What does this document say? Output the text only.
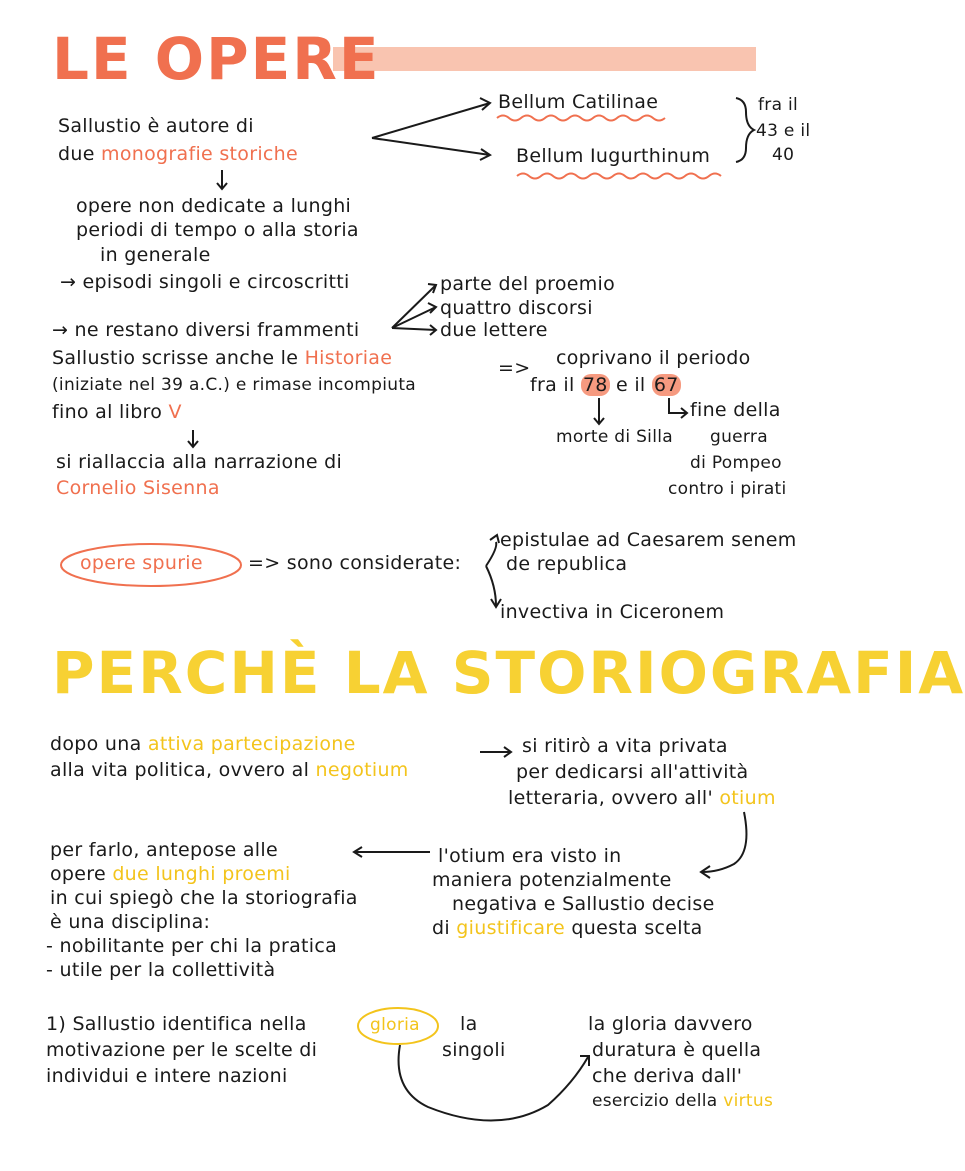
LE OPERE
Sallustio è autore di
due monografie storiche
Bellum Catilinae
Bellum Iugurthinum
fra il
43 e il
40
opere non dedicate a lunghi
periodi di tempo o alla storia
in generale
→ episodi singoli e circoscritti	parte del proemio
quattro discorsi
due lettere
→ ne restano diversi frammenti
Sallustio scrisse anche le Historiae
(iniziate nel 39 a.C.) e rimase incompiuta
fino al libro V
=> coprivano il periodo
fra il 78 e il 67
fine della
guerra
di Pompeo
contro i pirati
morte di Silla
si riallaccia alla narrazione di
Cornelio Sisenna
opere spurie => sono considerate:
epistulae ad Caesarem senem
de republica
invectiva in Ciceronem
PERCHÈ LA STORIOGRAFIA
dopo una attiva partecipazione
alla vita politica, ovvero al negotium
si ritirò a vita privata
per dedicarsi all'attività
letteraria, ovvero all' otium
l'otium era visto in
maniera potenzialmente
negativa e Sallustio decise
di giustificare questa scelta
per farlo, antepose alle
opere due lunghi proemi
in cui spiegò che la storiografia
è una disciplina:
- nobilitante per chi la pratica
- utile per la collettività
1) Sallustio identifica nella	gloria la
motivazione per le scelte di	singoli
individui e intere nazioni
la gloria davvero
duratura è quella
che deriva dall'
esercizio della virtus
